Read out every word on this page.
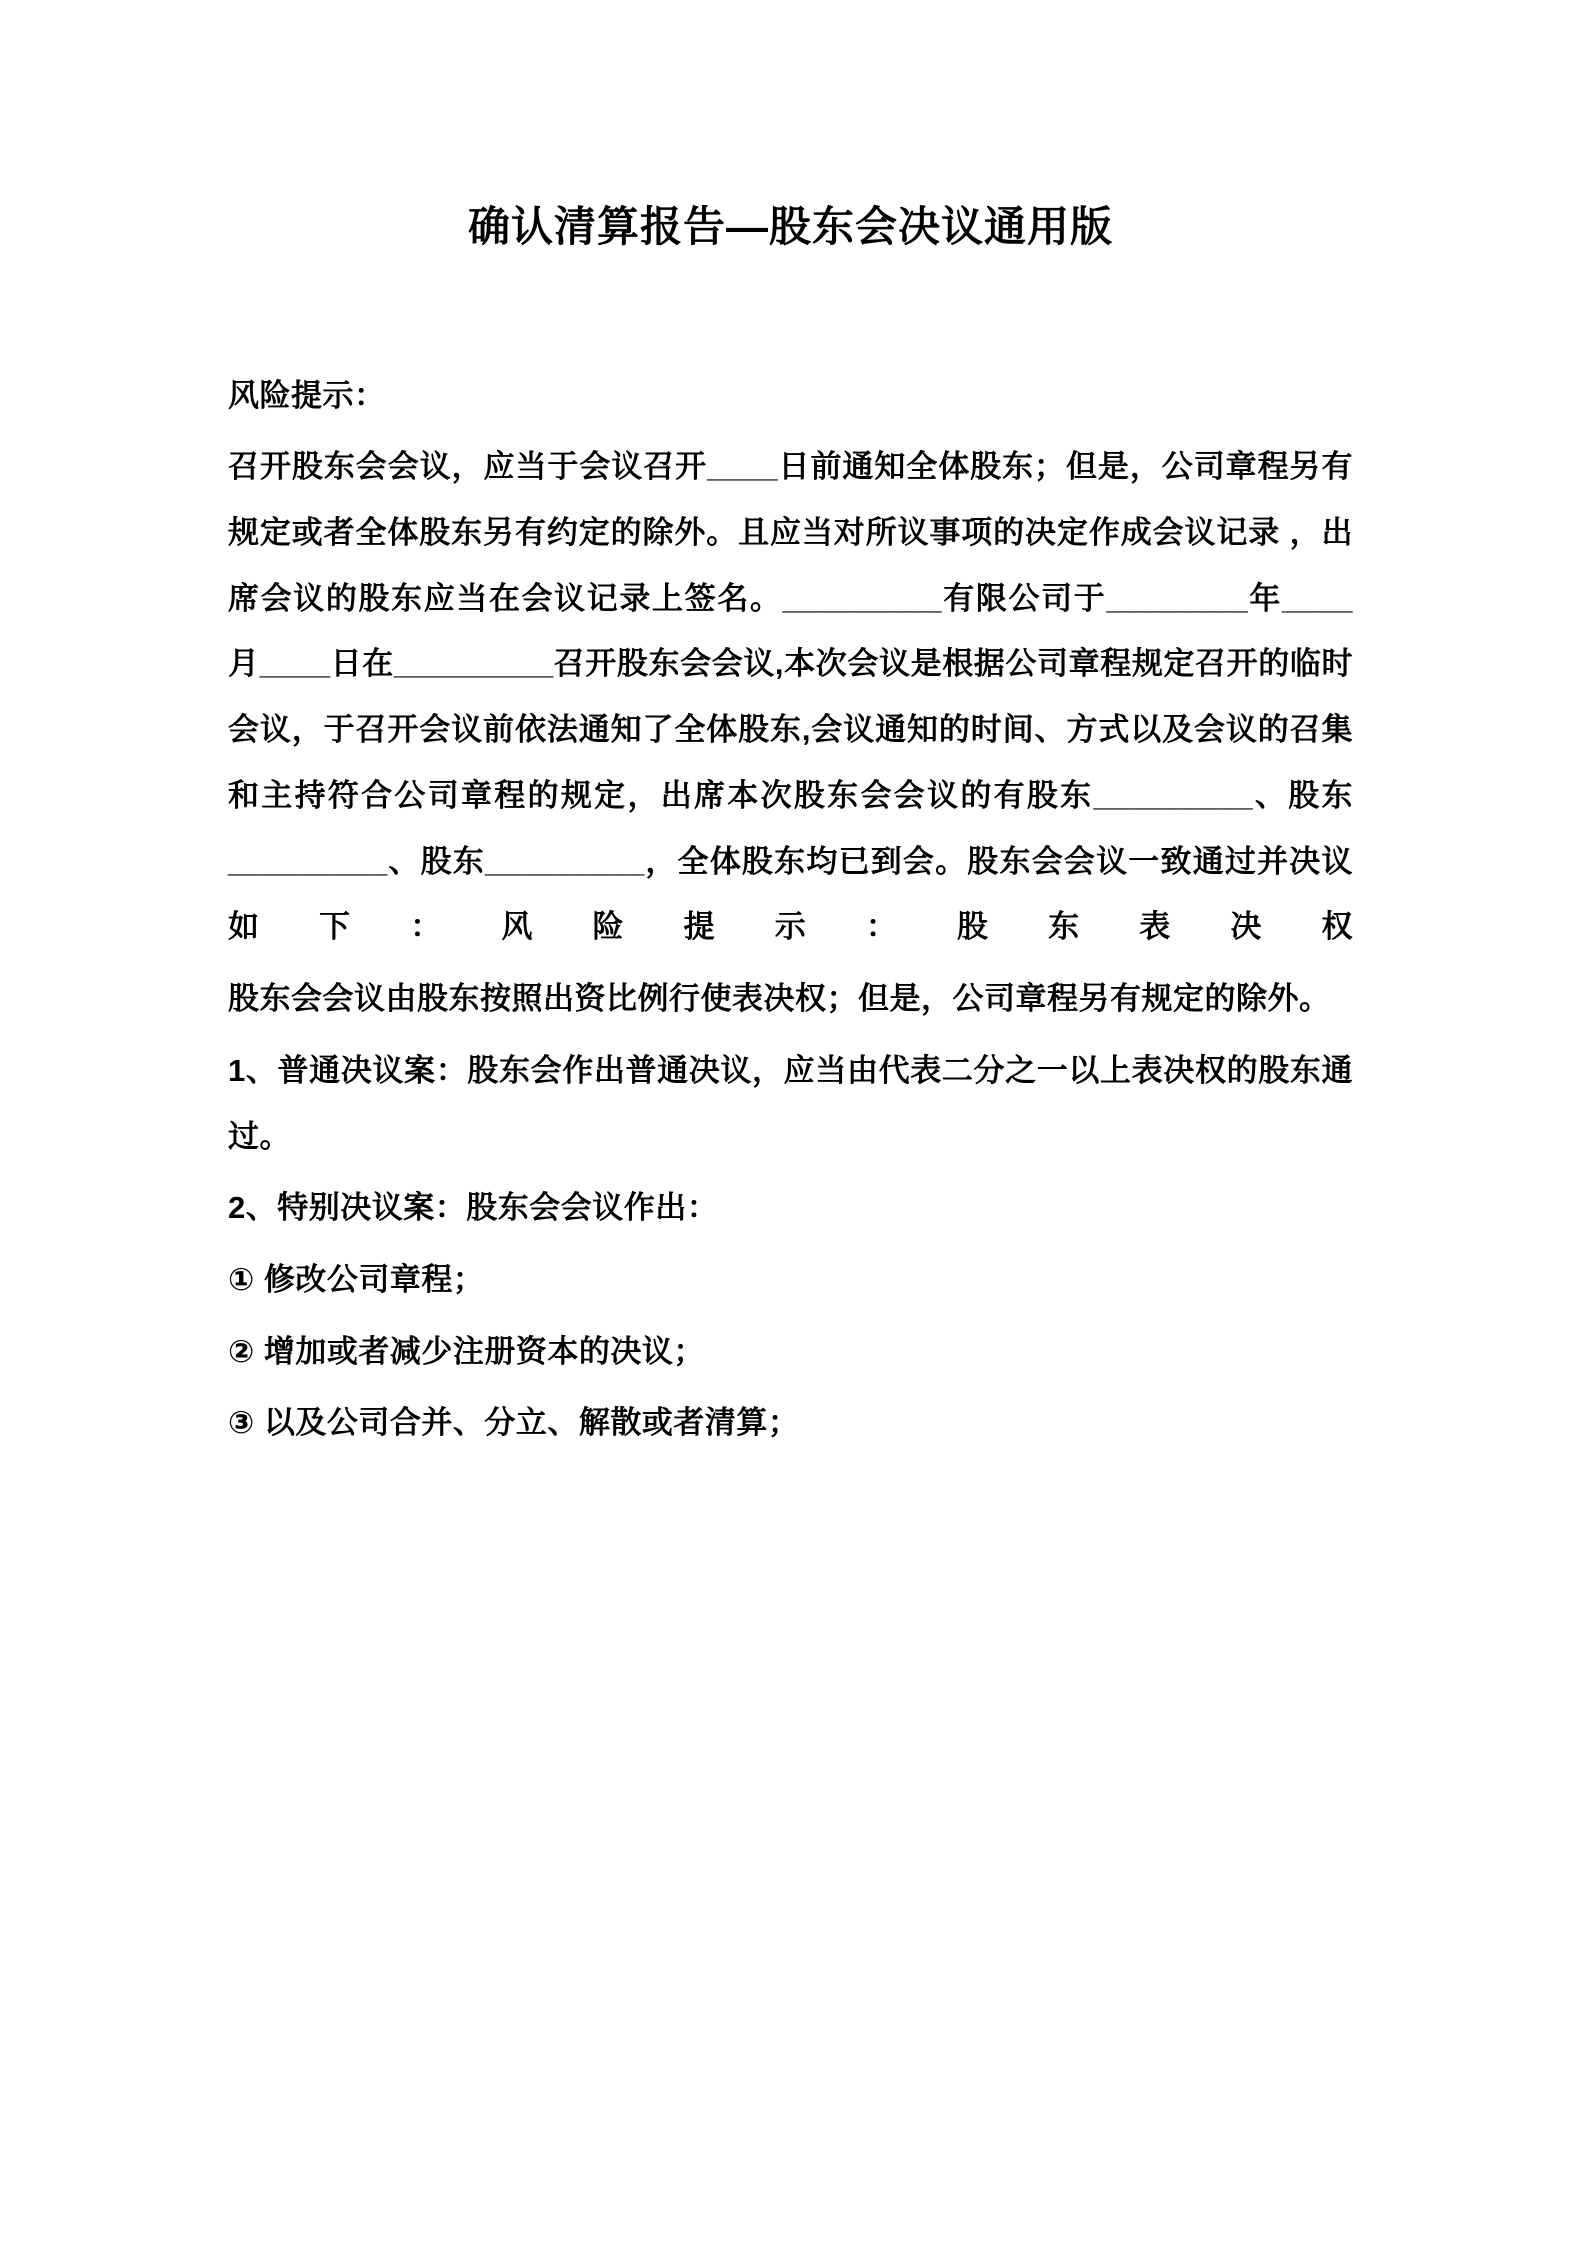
确认清算报告—股东会决议通用版

风险提示：

召开股东会会议，应当于会议召开____日前通知全体股东；但是，公司章程另有规定或者全体股东另有约定的除外。且应当对所议事项的决定作成会议记录 ，出席会议的股东应当在会议记录上签名。_________有限公司于________年____月____日在_________召开股东会会议,本次会议是根据公司章程规定召开的临时会议，于召开会议前依法通知了全体股东,会议通知的时间、方式以及会议的召集和主持符合公司章程的规定，出席本次股东会会议的有股东_________、股东_________、股东_________，全体股东均已到会。股东会会议一致通过并决议如下：风险提示：股东表决权

股东会会议由股东按照出资比例行使表决权；但是，公司章程另有规定的除外。

1、普通决议案：股东会作出普通决议，应当由代表二分之一以上表决权的股东通过。

2、特别决议案：股东会会议作出：

① 修改公司章程；

② 增加或者减少注册资本的决议；

③ 以及公司合并、分立、解散或者清算；
